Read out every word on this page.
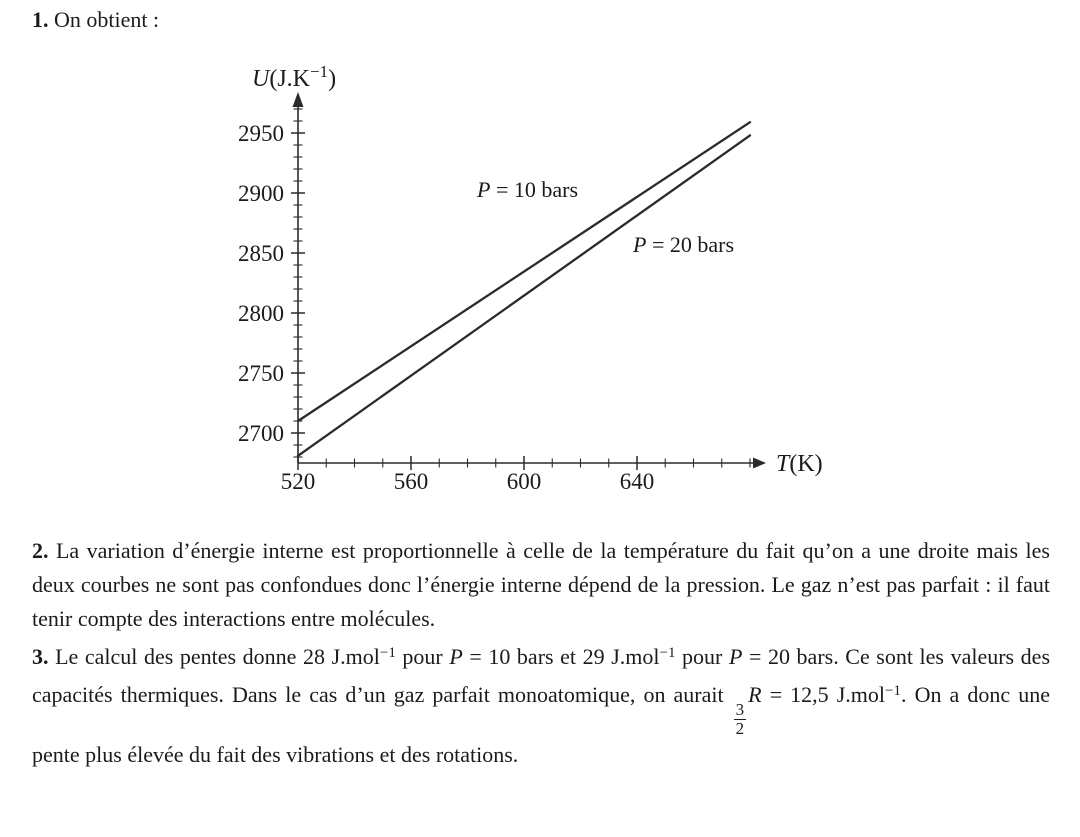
1. On obtient :

520	560	600	640
2700
2750
2800
2850
2900
2950
$U(J.K^{-1})$
T(K)
P = 10 bars
P = 20 bars

2. La variation d’énergie interne est proportionnelle à celle de la température du fait qu’on a une droite mais les deux courbes ne sont pas confondues donc l’énergie interne dépend de la pression. Le gaz n’est pas parfait : il faut tenir compte des interactions entre molécules.

3. Le calcul des pentes donne 28 J.mol$^{-1}$ pour P = 10 bars et 29 J.mol$^{-1}$ pour P = 20 bars. Ce sont les valeurs des capacités thermiques. Dans le cas d’un gaz parfait monoatomique, on aurait
$\frac{3}{2}$
R = 12,5 J.mol$^{-1}$. On a donc une pente plus élevée du fait des vibrations et des rotations.
